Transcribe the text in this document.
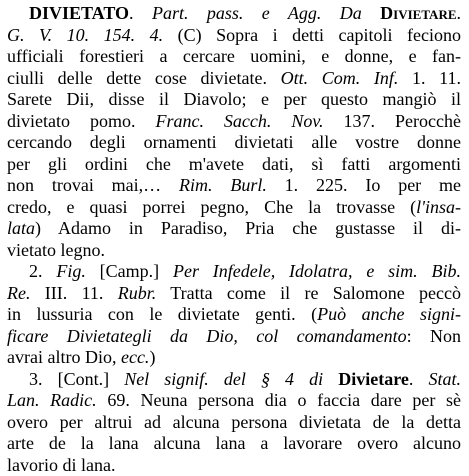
DIVIETATO. Part. pass. e Agg. Da Divietare.
G. V. 10. 154. 4. (C) Sopra i detti capitoli feciono
ufficiali forestieri a cercare uomini, e donne, e fan-
ciulli delle dette cose divietate. Ott. Com. Inf. 1. 11.
Sarete Dii, disse il Diavolo; e per questo mangiò il
divietato pomo. Franc. Sacch. Nov. 137. Perocchè
cercando degli ornamenti divietati alle vostre donne
per gli ordini che m'avete dati, sì fatti argomenti
non trovai mai,… Rim. Burl. 1. 225. Io per me
credo, e quasi porrei pegno, Che la trovasse (l'insa-
lata) Adamo in Paradiso, Pria che gustasse il di-
vietato legno.
2. Fig. [Camp.] Per Infedele, Idolatra, e sim. Bib.
Re. III. 11. Rubr. Tratta come il re Salomone peccò
in lussuria con le divietate genti. (Può anche signi-
ficare Divietategli da Dio, col comandamento: Non
avrai altro Dio, ecc.)
3. [Cont.] Nel signif. del § 4 di Divietare. Stat.
Lan. Radic. 69. Neuna persona dia o faccia dare per sè
overo per altrui ad alcuna persona divietata de la detta
arte de la lana alcuna lana a lavorare overo alcuno
lavorio di lana.
